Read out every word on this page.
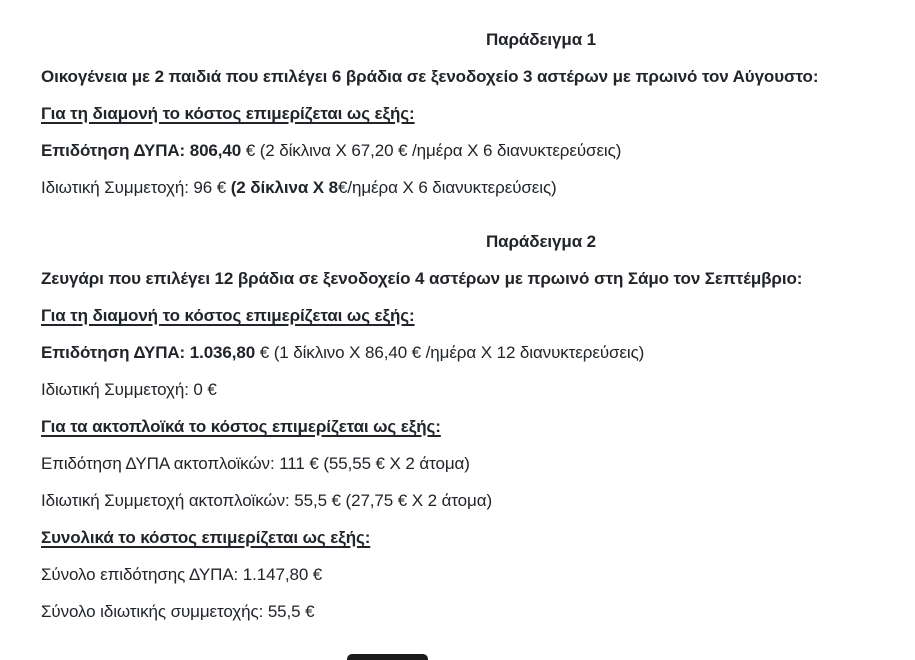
Παράδειγμα 1

Οικογένεια με 2 παιδιά που επιλέγει 6 βράδια σε ξενοδοχείο 3 αστέρων με πρωινό τον Αύγουστο:

Για τη διαμονή το κόστος επιμερίζεται ως εξής:

Επιδότηση ΔΥΠΑ: 806,40 € (2 δίκλινα Χ 67,20 € /ημέρα Χ 6 διανυκτερεύσεις)

Ιδιωτική Συμμετοχή: 96 € (2 δίκλινα Χ 8€/ημέρα Χ 6 διανυκτερεύσεις)

Παράδειγμα 2

Ζευγάρι που επιλέγει 12 βράδια σε ξενοδοχείο 4 αστέρων με πρωινό στη Σάμο τον Σεπτέμβριο:

Για τη διαμονή το κόστος επιμερίζεται ως εξής:

Επιδότηση ΔΥΠΑ: 1.036,80 € (1 δίκλινο Χ 86,40 € /ημέρα Χ 12 διανυκτερεύσεις)

Ιδιωτική Συμμετοχή: 0 €

Για τα ακτοπλοϊκά το κόστος επιμερίζεται ως εξής:

Επιδότηση ΔΥΠΑ ακτοπλοϊκών: 111 € (55,55 € Χ 2 άτομα)

Ιδιωτική Συμμετοχή ακτοπλοϊκών: 55,5 € (27,75 € Χ 2 άτομα)

Συνολικά το κόστος επιμερίζεται ως εξής:

Σύνολο επιδότησης ΔΥΠΑ: 1.147,80 €

Σύνολο ιδιωτικής συμμετοχής: 55,5 €
